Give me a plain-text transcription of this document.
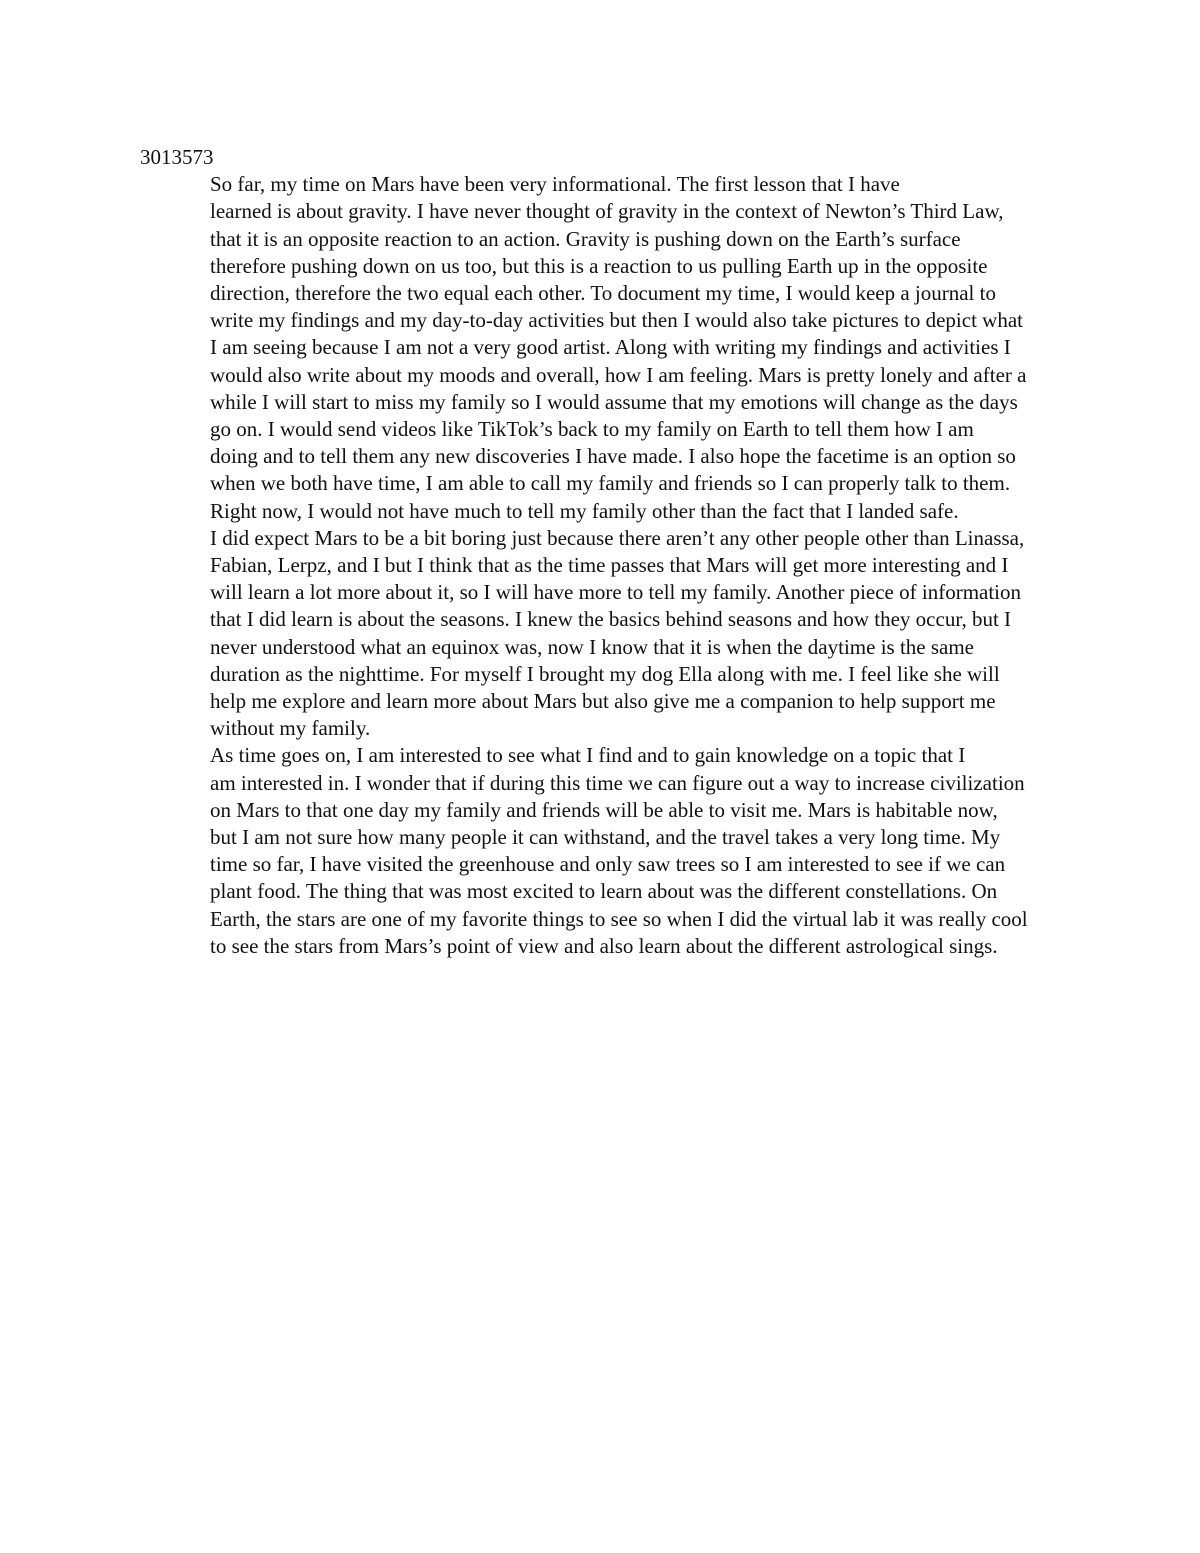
3013573
So far, my time on Mars have been very informational. The first lesson that I have
learned is about gravity. I have never thought of gravity in the context of Newton’s Third Law,
that it is an opposite reaction to an action. Gravity is pushing down on the Earth’s surface
therefore pushing down on us too, but this is a reaction to us pulling Earth up in the opposite
direction, therefore the two equal each other. To document my time, I would keep a journal to
write my findings and my day-to-day activities but then I would also take pictures to depict what
I am seeing because I am not a very good artist. Along with writing my findings and activities I
would also write about my moods and overall, how I am feeling. Mars is pretty lonely and after a
while I will start to miss my family so I would assume that my emotions will change as the days
go on. I would send videos like TikTok’s back to my family on Earth to tell them how I am
doing and to tell them any new discoveries I have made. I also hope the facetime is an option so
when we both have time, I am able to call my family and friends so I can properly talk to them.
Right now, I would not have much to tell my family other than the fact that I landed safe.
I did expect Mars to be a bit boring just because there aren’t any other people other than Linassa,
Fabian, Lerpz, and I but I think that as the time passes that Mars will get more interesting and I
will learn a lot more about it, so I will have more to tell my family. Another piece of information
that I did learn is about the seasons. I knew the basics behind seasons and how they occur, but I
never understood what an equinox was, now I know that it is when the daytime is the same
duration as the nighttime. For myself I brought my dog Ella along with me. I feel like she will
help me explore and learn more about Mars but also give me a companion to help support me
without my family.
As time goes on, I am interested to see what I find and to gain knowledge on a topic that I
am interested in. I wonder that if during this time we can figure out a way to increase civilization
on Mars to that one day my family and friends will be able to visit me. Mars is habitable now,
but I am not sure how many people it can withstand, and the travel takes a very long time. My
time so far, I have visited the greenhouse and only saw trees so I am interested to see if we can
plant food. The thing that was most excited to learn about was the different constellations. On
Earth, the stars are one of my favorite things to see so when I did the virtual lab it was really cool
to see the stars from Mars’s point of view and also learn about the different astrological sings.
